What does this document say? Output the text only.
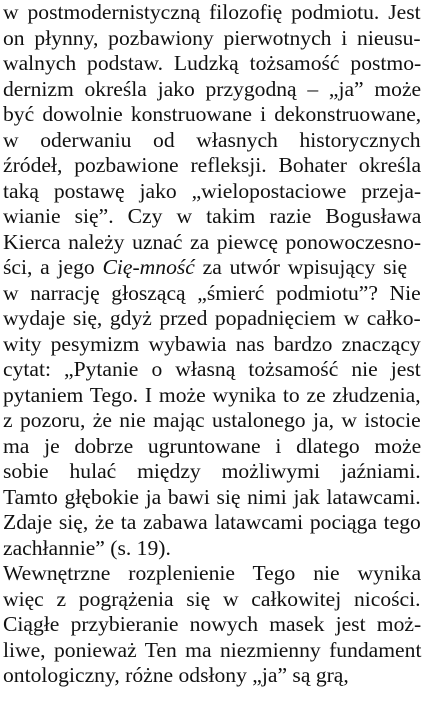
w postmodernistyczną filozofię podmiotu. Jest
on płynny, pozbawiony pierwotnych i nieusu-
walnych podstaw. Ludzką tożsamość postmo-
dernizm określa jako przygodną – „ja” może
być dowolnie konstruowane i dekonstruowane,
w oderwaniu od własnych historycznych
źródeł, pozbawione refleksji. Bohater określa
taką postawę jako „wielopostaciowe przeja-
wianie się”. Czy w takim razie Bogusława
Kierca należy uznać za piewcę ponowoczesno-
ści, a jego Cię-mność za utwór wpisujący się
w narrację głoszącą „śmierć podmiotu”? Nie
wydaje się, gdyż przed popadnięciem w całko-
wity pesymizm wybawia nas bardzo znaczący
cytat: „Pytanie o własną tożsamość nie jest
pytaniem Tego. I może wynika to ze złudzenia,
z pozoru, że nie mając ustalonego ja, w istocie
ma je dobrze ugruntowane i dlatego może
sobie hulać między możliwymi jaźniami.
Tamto głębokie ja bawi się nimi jak latawcami.
Zdaje się, że ta zabawa latawcami pociąga tego
zachłannie” (s. 19).
Wewnętrzne rozplenienie Tego nie wynika
więc z pogrążenia się w całkowitej nicości.
Ciągłe przybieranie nowych masek jest moż-
liwe, ponieważ Ten ma niezmienny fundament
ontologiczny, różne odsłony „ja” są grą,
